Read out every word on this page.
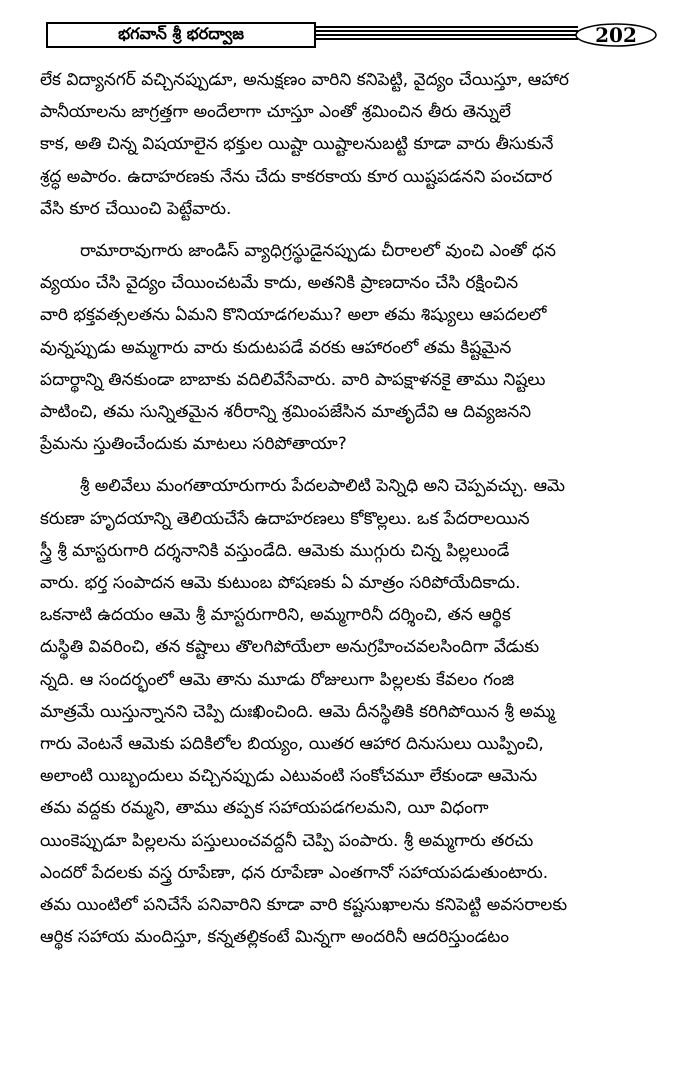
భగవాన్ శ్రీ భరద్వాజ	202
లేక విద్యానగర్ వచ్చినప్పుడూ, అనుక్షణం వారిని కనిపెట్టి, వైద్యం చేయిస్తూ, ఆహార
పానీయాలను జాగ్రత్తగా అందేలాగా చూస్తూ ఎంతో శ్రమించిన తీరు తెన్నులే
కాక, అతి చిన్న విషయాలైన భక్తుల యిష్టా యిష్టాలనుబట్టి కూడా వారు తీసుకునే
శ్రద్ధ అపారం. ఉదాహరణకు నేను చేదు కాకరకాయ కూర యిష్టపడనని పంచదార
వేసి కూర చేయించి పెట్టేవారు.
రామారావుగారు జాండిస్ వ్యాధిగ్రస్థుడైనప్పుడు చీరాలలో వుంచి ఎంతో ధన
వ్యయం చేసి వైద్యం చేయించటమే కాదు, అతనికి ప్రాణదానం చేసి రక్షించిన
వారి భక్తవత్సలతను ఏమని కొనియాడగలము? అలా తమ శిష్యులు ఆపదలలో
వున్నప్పుడు అమ్మగారు వారు కుదుటపడే వరకు ఆహారంలో తమ కిష్టమైన
పదార్థాన్ని తినకుండా బాబాకు వదిలివేసేవారు. వారి పాపక్షాళనకై తాము నిష్టలు
పాటించి, తమ సున్నితమైన శరీరాన్ని శ్రమింపజేసిన మాతృదేవి ఆ దివ్యజనని
ప్రేమను స్తుతించేందుకు మాటలు సరిపోతాయా?
శ్రీ అలివేలు మంగతాయారుగారు పేదలపాలిటి పెన్నిధి అని చెప్పవచ్చు. ఆమె
కరుణా హృదయాన్ని తెలియచేసే ఉదాహరణలు కోకొల్లలు. ఒక పేదరాలయిన
స్త్రీ శ్రీ మాస్టరుగారి దర్శనానికి వస్తుండేది. ఆమెకు ముగ్గురు చిన్న పిల్లలుండే
వారు. భర్త సంపాదన ఆమె కుటుంబ పోషణకు ఏ మాత్రం సరిపోయేదికాదు.
ఒకనాటి ఉదయం ఆమె శ్రీ మాస్టరుగారిని, అమ్మగారినీ దర్శించి, తన ఆర్థిక
దుస్థితి వివరించి, తన కష్టాలు తొలగిపోయేలా అనుగ్రహించవలసిందిగా వేడుకు
న్నది. ఆ సందర్భంలో ఆమె తాను మూడు రోజులుగా పిల్లలకు కేవలం గంజి
మాత్రమే యిస్తున్నానని చెప్పి దుఃఖించింది. ఆమె దీనస్థితికి కరిగిపోయిన శ్రీ అమ్మ
గారు వెంటనే ఆమెకు పదికిలోల బియ్యం, యితర ఆహార దినుసులు యిప్పించి,
అలాంటి యిబ్బందులు వచ్చినప్పుడు ఎటువంటి సంకోచమూ లేకుండా ఆమెను
తమ వద్దకు రమ్మని, తాము తప్పక సహాయపడగలమని, యీ విధంగా
యింకెప్పుడూ పిల్లలను పస్తులుంచవద్దనీ చెప్పి పంపారు. శ్రీ అమ్మగారు తరచు
ఎందరో పేదలకు వస్త్ర రూపేణా, ధన రూపేణా ఎంతగానో సహాయపడుతుంటారు.
తమ యింటిలో పనిచేసే పనివారిని కూడా వారి కష్టసుఖాలను కనిపెట్టి అవసరాలకు
ఆర్థిక సహాయ మందిస్తూ, కన్నతల్లికంటే మిన్నగా అందరినీ ఆదరిస్తుండటం
